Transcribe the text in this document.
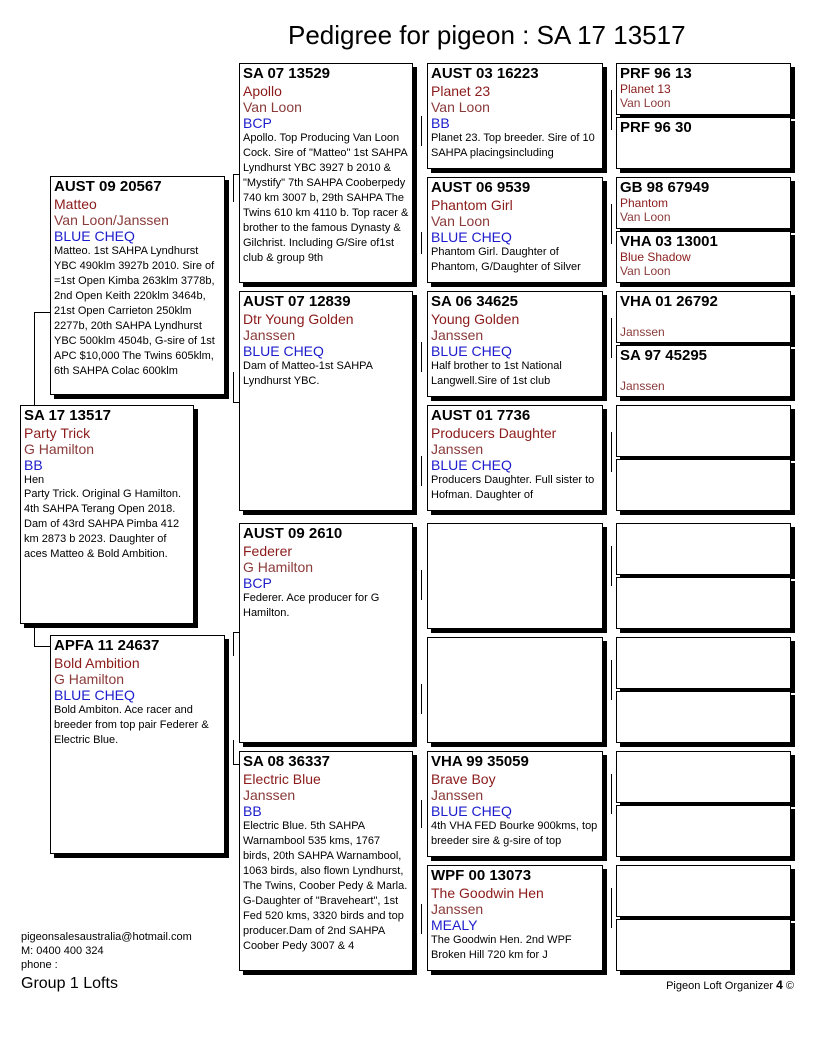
Pedigree for pigeon : SA 17 13517
SA 17 13517
Party Trick
G Hamilton
BB
Hen
Party Trick. Original G Hamilton. 4th SAHPA Terang Open 2018. Dam of 43rd SAHPA Pimba 412 km 2873 b 2023. Daughter of aces Matteo & Bold Ambition.
AUST 09 20567
Matteo
Van Loon/Janssen
BLUE CHEQ
Matteo. 1st SAHPA Lyndhurst YBC 490klm 3927b 2010. Sire of =1st Open Kimba 263klm 3778b, 2nd Open Keith 220klm 3464b, 21st Open Carrieton 250klm 2277b, 20th SAHPA Lyndhurst YBC 500klm 4504b, G-sire of 1st APC $10,000 The Twins 605klm, 6th SAHPA Colac 600klm
APFA 11 24637
Bold Ambition
G Hamilton
BLUE CHEQ
Bold Ambiton. Ace racer and breeder from top pair Federer & Electric Blue.
SA 07 13529
Apollo
Van Loon
BCP
Apollo. Top Producing Van Loon Cock. Sire of "Matteo" 1st SAHPA Lyndhurst YBC 3927 b 2010 & "Mystify" 7th SAHPA Cooberpedy 740 km 3007 b, 29th SAHPA The Twins 610 km 4110 b. Top racer & brother to the famous Dynasty & Gilchrist. Including G/Sire of1st club & group 9th
AUST 07 12839
Dtr Young Golden
Janssen
BLUE CHEQ
Dam of Matteo-1st SAHPA Lyndhurst YBC.
AUST 09 2610
Federer
G Hamilton
BCP
Federer. Ace producer for G Hamilton.
SA 08 36337
Electric Blue
Janssen
BB
Electric Blue. 5th SAHPA Warnambool 535 kms, 1767 birds, 20th SAHPA Warnambool, 1063 birds, also flown Lyndhurst, The Twins, Coober Pedy & Marla. G-Daughter of "Braveheart", 1st Fed 520 kms, 3320 birds and top producer.Dam of 2nd SAHPA Coober Pedy 3007 & 4
AUST 03 16223
Planet 23
Van Loon
BB
Planet 23. Top breeder. Sire of 10 SAHPA placingsincluding
AUST 06 9539
Phantom Girl
Van Loon
BLUE CHEQ
Phantom Girl. Daughter of Phantom, G/Daughter of Silver
SA 06 34625
Young Golden
Janssen
BLUE CHEQ
Half brother to 1st National Langwell.Sire of 1st club
AUST 01 7736
Producers Daughter
Janssen
BLUE CHEQ
Producers Daughter. Full sister to Hofman. Daughter of
VHA 99 35059
Brave Boy
Janssen
BLUE CHEQ
4th VHA FED Bourke 900kms, top breeder sire & g-sire of top
WPF 00 13073
The Goodwin Hen
Janssen
MEALY
The Goodwin Hen. 2nd WPF Broken Hill 720 km for J
PRF 96 13
Planet 13
Van Loon
PRF 96 30
GB 98 67949
Phantom
Van Loon
VHA 03 13001
Blue Shadow
Van Loon
VHA 01 26792
Janssen
SA 97 45295
Janssen
pigeonsalesaustralia@hotmail.com
M: 0400 400 324
phone :
Group 1 Lofts	Pigeon Loft Organizer 4 ©
